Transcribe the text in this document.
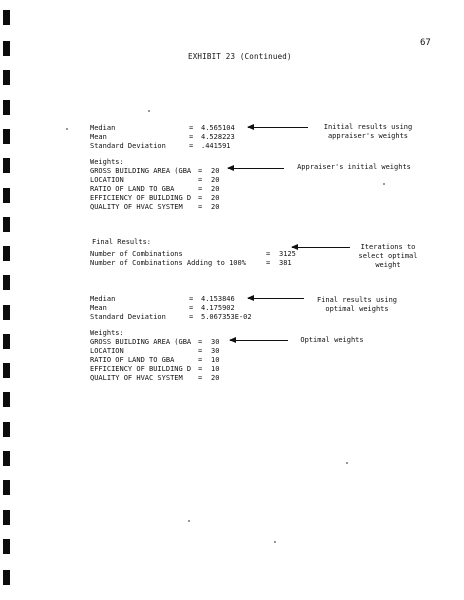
67
EXHIBIT 23 (Continued)
Median	= 4.565104
Mean	= 4.528223
Standard Deviation	= .441591
Initial results using
appraiser's weights
Weights:
GROSS BUILDING AREA (GBA = 20
LOCATION	= 20
RATIO OF LAND TO GBA	= 20
EFFICIENCY OF BUILDING D = 20
QUALITY OF HVAC SYSTEM = 20
Appraiser's initial weights
Final Results:
Number of Combinations	= 3125
Number of Combinations Adding to 100%	= 381
Iterations to
select optimal
weight
Median	= 4.153846
Mean	= 4.175902
Standard Deviation	= 5.067353E-02
Final results using
optimal weights
Weights:
GROSS BUILDING AREA (GBA = 30
LOCATION	= 30
RATIO OF LAND TO GBA	= 10
EFFICIENCY OF BUILDING D = 10
QUALITY OF HVAC SYSTEM = 20
Optimal weights
